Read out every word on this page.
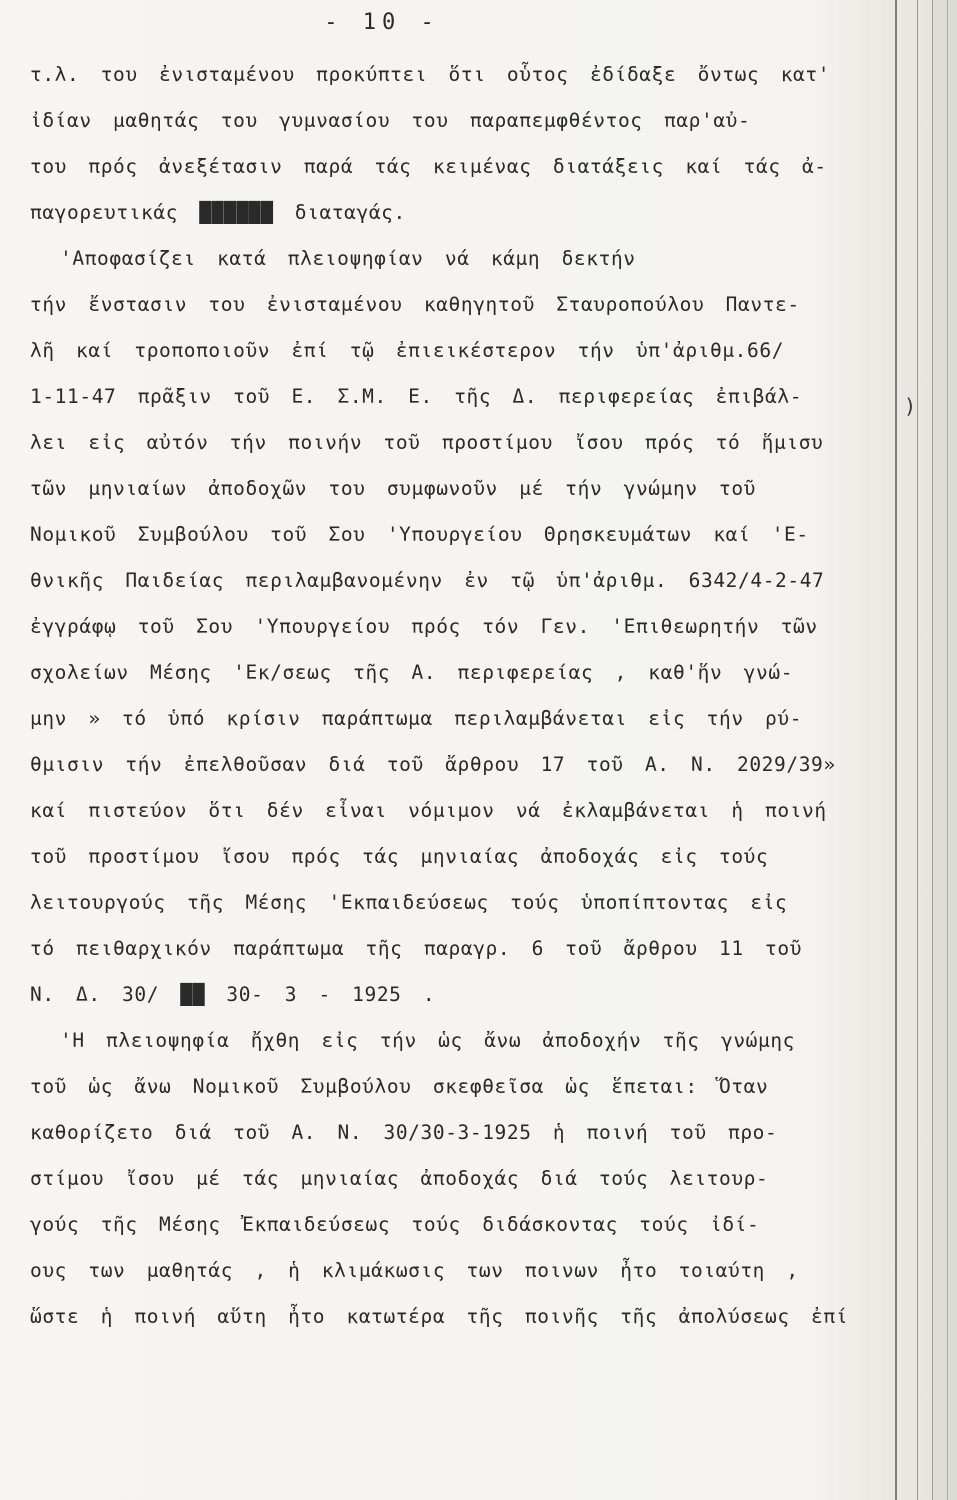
- 10 -
τ.λ. του ἐνισταμένου προκύπτει ὅτι οὗτος ἐδίδαξε ὄντως κατ'
ἰδίαν μαθητάς του γυμνασίου του παραπεμφθέντος παρ'αὐ-
του πρός ἀνεξέτασιν παρά τάς κειμένας διατάξεις καί τάς ἀ-
παγορευτικάς ██████ διαταγάς.
'Αποφασίζει κατά πλειοψηφίαν νά κάμη δεκτήν
τήν ἔνστασιν του ἐνισταμένου καθηγητοῦ Σταυροπούλου Παντε-
λῆ καί τροποποιοῦν ἐπί τῷ ἐπιεικέστερον τήν ὑπ'ἀριθμ.66/
1-11-47 πρᾶξιν τοῦ Ε. Σ.Μ. Ε. τῆς Δ. περιφερείας ἐπιβάλ-
λει εἰς αὐτόν τήν ποινήν τοῦ προστίμου ἴσου πρός τό ἥμισυ
τῶν μηνιαίων ἀποδοχῶν του συμφωνοῦν μέ τήν γνώμην τοῦ
Νομικοῦ Συμβούλου τοῦ Σου 'Υπουργείου Θρησκευμάτων καί 'Ε-
θνικῆς Παιδείας περιλαμβανομένην ἐν τῷ ὑπ'ἀριθμ. 6342/4-2-47
ἐγγράφῳ τοῦ Σου 'Υπουργείου πρός τόν Γεν. 'Επιθεωρητήν τῶν
σχολείων Μέσης 'Εκ/σεως τῆς Α. περιφερείας , καθ'ἥν γνώ-
μην » τό ὑπό κρίσιν παράπτωμα περιλαμβάνεται εἰς τήν ρύ-
θμισιν τήν ἐπελθοῦσαν διά τοῦ ἄρθρου 17 τοῦ Α. Ν. 2029/39»
καί πιστεύον ὅτι δέν εἶναι νόμιμον νά ἐκλαμβάνεται ἡ ποινή
τοῦ προστίμου ἴσου πρός τάς μηνιαίας ἀποδοχάς εἰς τούς
λειτουργούς τῆς Μέσης 'Εκπαιδεύσεως τούς ὑποπίπτοντας εἰς
τό πειθαρχικόν παράπτωμα τῆς παραγρ. 6 τοῦ ἄρθρου 11 τοῦ
Ν. Δ. 30/ ██ 30- 3 - 1925 .
'Η πλειοψηφία ἤχθη εἰς τήν ὡς ἄνω ἀποδοχήν τῆς γνώμης
τοῦ ὡς ἄνω Νομικοῦ Συμβούλου σκεφθεῖσα ὡς ἕπεται: Ὅταν
καθορίζετο διά τοῦ Α. Ν. 30/30-3-1925 ἡ ποινή τοῦ προ-
στίμου ἴσου μέ τάς μηνιαίας ἀποδοχάς διά τούς λειτουρ-
γούς τῆς Μέσης Ἐκπαιδεύσεως τούς διδάσκοντας τούς ἰδί-
ους των μαθητάς , ἡ κλιμάκωσις των ποινων ἦτο τοιαύτη ,
ὥστε ἡ ποινή αὕτη ἦτο κατωτέρα τῆς ποινῆς τῆς ἀπολύσεως ἐπί
)
